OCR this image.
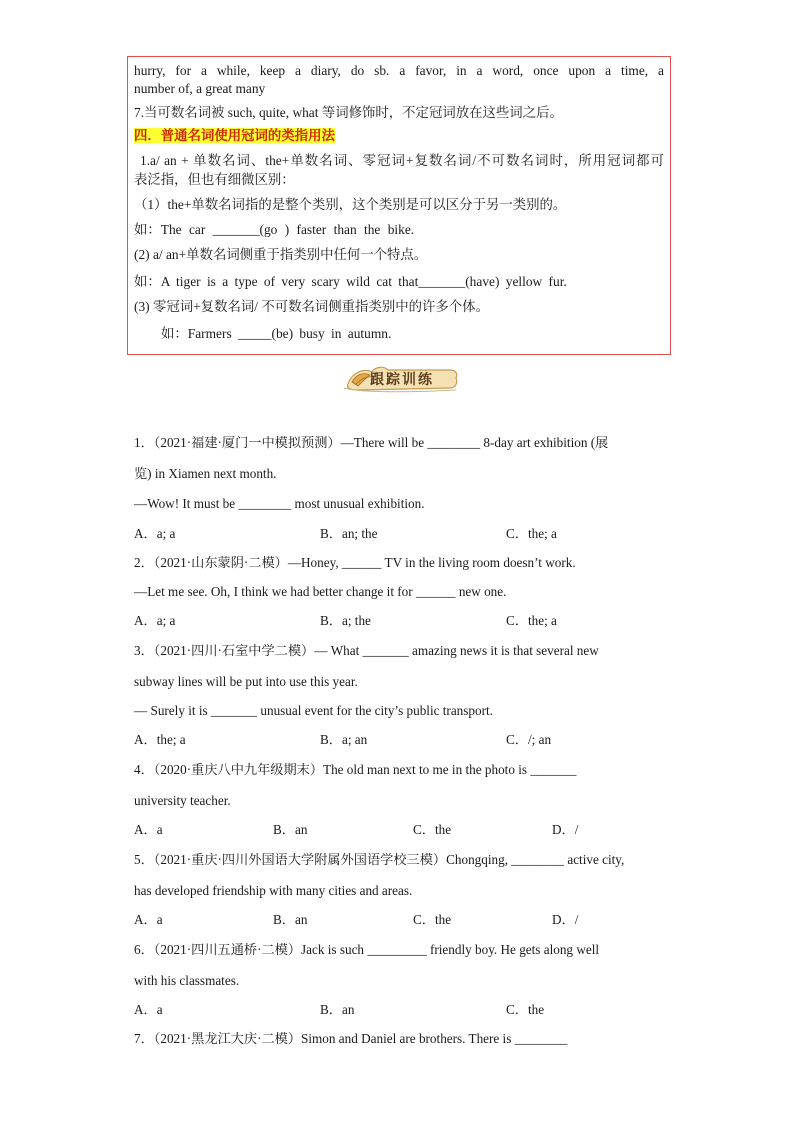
hurry, for a while, keep a diary, do sb. a favor, in a word, once upon a time, a
number of, a great many
7.当可数名词被 such, quite, what 等词修饰时，不定冠词放在这些词之后。
四．普通名词使用冠词的类指用法
1.a/ an + 单数名词、the+单数名词、零冠词+复数名词/不可数名词时，所用冠词都可
表泛指，但也有细微区别：
（1）the+单数名词指的是整个类别，这个类别是可以区分于另一类别的。
如：The car _______(go ) faster than the bike.
(2) a/ an+单数名词侧重于指类别中任何一个特点。
如：A tiger is a type of very scary wild cat that_______(have) yellow fur.
(3) 零冠词+复数名词/ 不可数名词侧重指类别中的许多个体。
如：Farmers _____(be) busy in autumn.
跟踪训练
1．（2021·福建·厦门一中模拟预测）—There will be ________ 8-day art exhibition (展
览) in Xiamen next month.
—Wow! It must be ________ most unusual exhibition.
A．a; a	B．an; the	C．the; a
2．（2021·山东蒙阴·二模）—Honey, ______ TV in the living room doesn’t work.
—Let me see. Oh, I think we had better change it for ______ new one.
A．a; a	B．a; the	C．the; a
3．（2021·四川·石室中学二模）— What _______ amazing news it is that several new
subway lines will be put into use this year.
— Surely it is _______ unusual event for the city’s public transport.
A．the; a	B．a; an	C．/; an
4．（2020·重庆八中九年级期末）The old man next to me in the photo is _______
university teacher.
A．a	B．an	C．the	D．/
5．（2021·重庆·四川外国语大学附属外国语学校三模）Chongqing, ________ active city,
has developed friendship with many cities and areas.
A．a	B．an	C．the	D．/
6．（2021·四川五通桥·二模）Jack is such _________ friendly boy. He gets along well
with his classmates.
A．a	B．an	C．the
7．（2021·黑龙江大庆·二模）Simon and Daniel are brothers. There is ________
